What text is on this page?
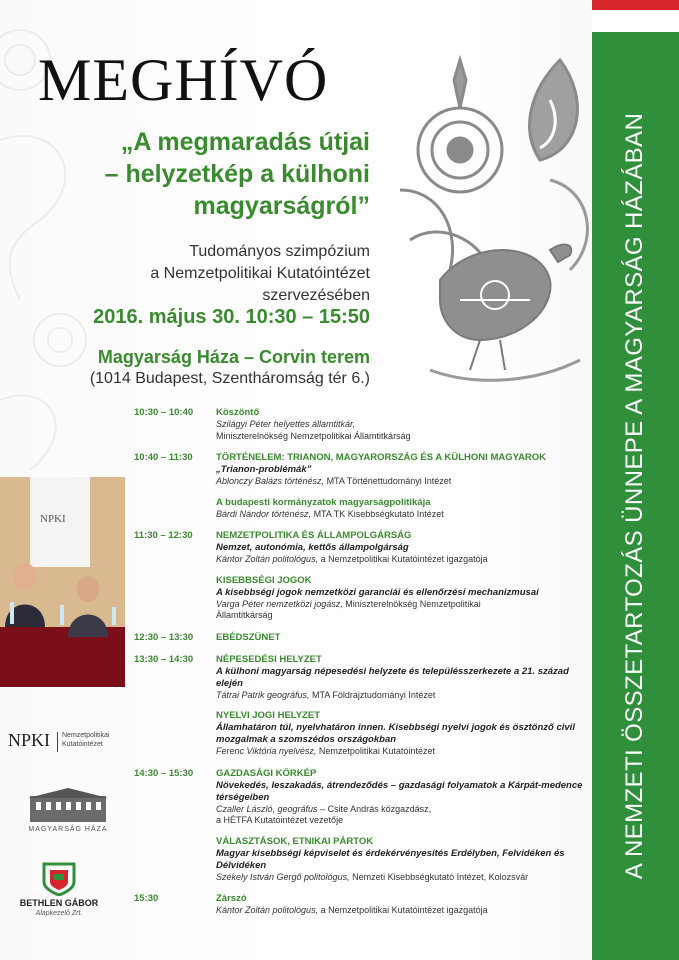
MEGHÍVÓ
„A megmaradás útjai
– helyzetkép a külhoni
magyarságról”
Tudományos szimpózium
a Nemzetpolitikai Kutatóintézet szervezésében
2016. május 30. 10:30 – 15:50
Magyarság Háza – Corvin terem
(1014 Budapest, Szentháromság tér 6.)
NPKI
NPKI Nemzetpolitikai
Kutatóintézet
MAGYARSÁG HÁZA
BETHLEN GÁBOR
Alapkezelő Zrt.
10:30 – 10:40	Köszöntő
Szilágyi Péter helyettes államtitkár,
Miniszterelnökség Nemzetpolitikai Államtitkárság
10:40 – 11:30	TÖRTÉNELEM: TRIANON, MAGYARORSZÁG ÉS A KÜLHONI MAGYAROK
„Trianon-problémák”
Ablonczy Balázs történész, MTA Történettudományi Intézet
A budapesti kormányzatok magyarságpolitikája
Bárdi Nándor történész, MTA TK Kisebbségkutató Intézet
11:30 – 12:30	NEMZETPOLITIKA ÉS ÁLLAMPOLGÁRSÁG
Nemzet, autonómia, kettős állampolgárság
Kántor Zoltán politológus, a Nemzetpolitikai Kutatóintézet igazgatója
KISEBBSÉGI JOGOK
A kisebbségi jogok nemzetközi garanciái és ellenőrzési mechanizmusai
Varga Péter nemzetközi jogász, Miniszterelnökség Nemzetpolitikai
Államtitkárság
12:30 – 13:30	EBÉDSZÜNET
13:30 – 14:30	NÉPESEDÉSI HELYZET
A külhoni magyarság népesedési helyzete és településszerkezete a 21. század elején
Tátrai Patrik geográfus, MTA Földrajztudományi Intézet
NYELVI JOGI HELYZET
Államhatáron túl, nyelvhatáron innen. Kisebbségi nyelvi jogok és ösztönző civil mozgalmak a szomszédos országokban
Ferenc Viktória nyelvész, Nemzetpolitikai Kutatóintézet
14:30 – 15:30	GAZDASÁGI KÖRKÉP
Növekedés, leszakadás, átrendeződés – gazdasági folyamatok a Kárpát-medence térségeiben
Czaller László, geográfus – Csite András közgazdász,
a HÉTFA Kutatóintézet vezetője
VÁLASZTÁSOK, ETNIKAI PÁRTOK
Magyar kisebbségi képviselet és érdekérvényesítés Erdélyben, Felvidéken és Délvidéken
Székely István Gergő politológus, Nemzeti Kisebbségkutató Intézet, Kolozsvár
15:30	Zárszó
Kántor Zoltán politológus, a Nemzetpolitikai Kutatóintézet igazgatója
A NEMZETI ÖSSZETARTOZÁS ÜNNEPE A MAGYARSÁG HÁZÁBAN
